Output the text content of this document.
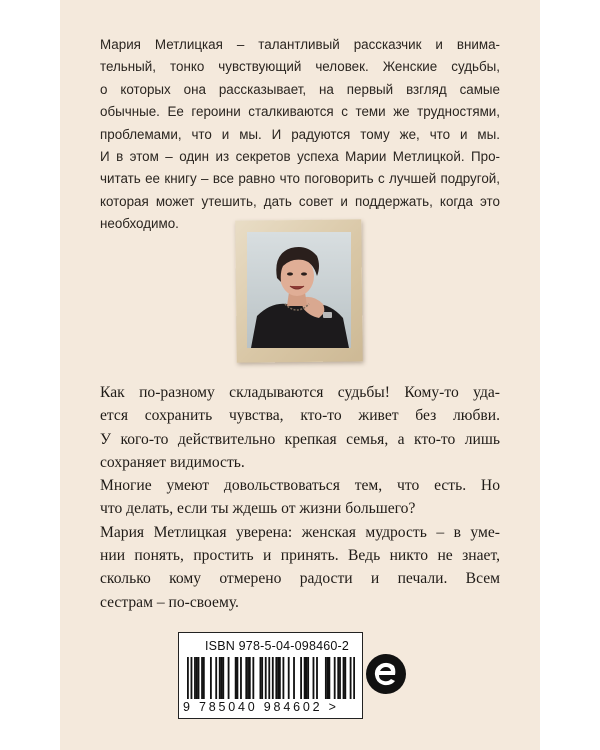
Мария Метлицкая – талантливый рассказчик и внима-
тельный, тонко чувствующий человек. Женские судьбы,
о которых она рассказывает, на первый взгляд самые
обычные. Ее героини сталкиваются с теми же трудностями,
проблемами, что и мы. И радуются тому же, что и мы.
И в этом – один из секретов успеха Марии Метлицкой. Про-
читать ее книгу – все равно что поговорить с лучшей подругой,
которая может утешить, дать совет и поддержать, когда это
необходимо.
Как по-разному складываются судьбы! Кому-то уда-
ется сохранить чувства, кто-то живет без любви.
У кого-то действительно крепкая семья, а кто-то лишь
сохраняет видимость.
Многие умеют довольствоваться тем, что есть. Но
что делать, если ты ждешь от жизни большего?
Мария Метлицкая уверена: женская мудрость – в уме-
нии понять, простить и принять. Ведь никто не знает,
сколько кому отмерено радости и печали. Всем
сестрам – по-своему.
ISBN 978-5-04-098460-2
9 785040 984602 >
